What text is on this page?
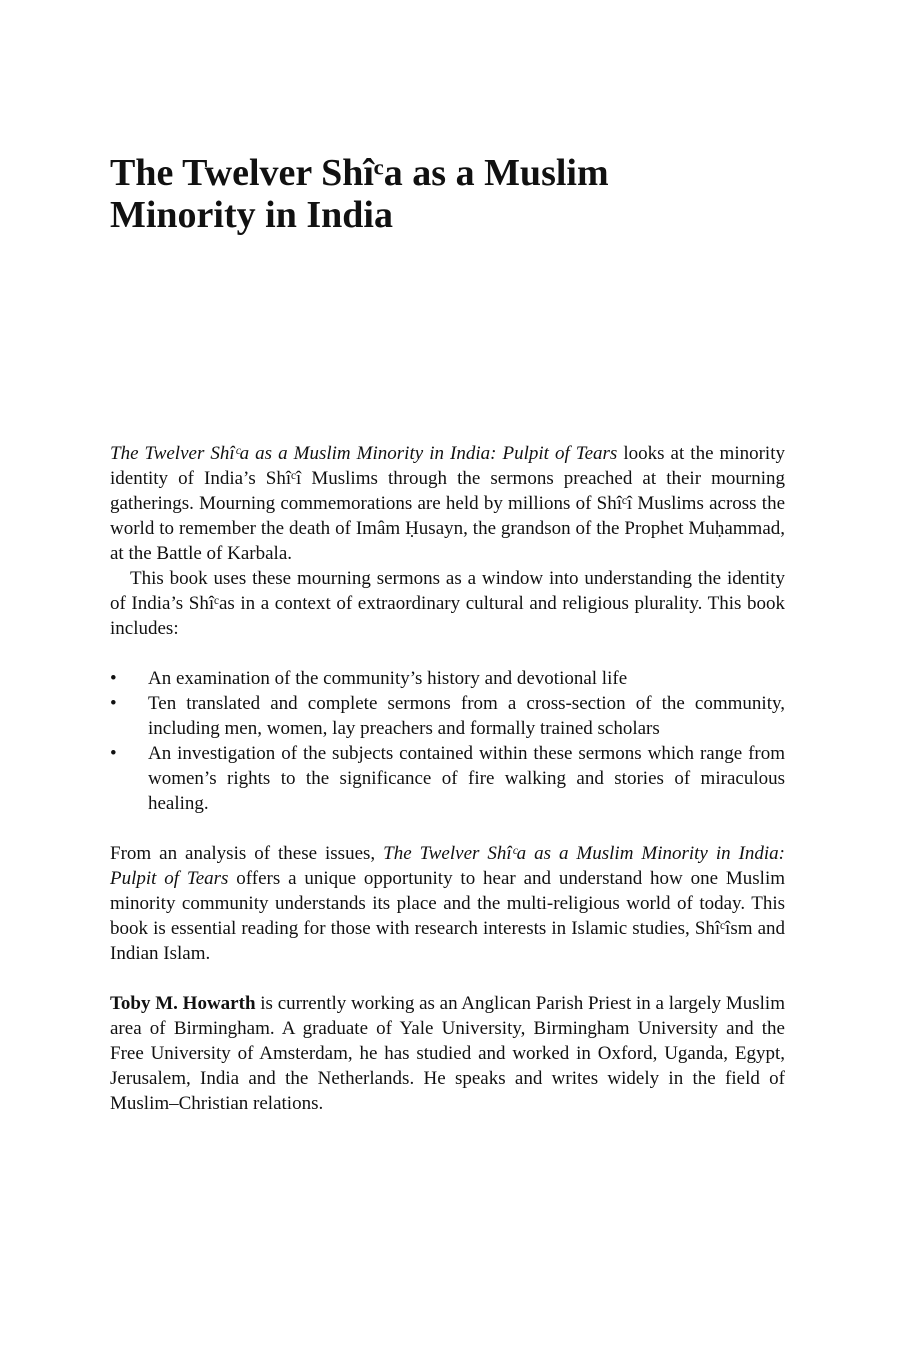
The Twelver Shîᶜa as a Muslim
Minority in India

The Twelver Shîᶜa as a Muslim Minority in India: Pulpit of Tears looks at the minority identity of India’s Shîᶜî Muslims through the sermons preached at their mourning gatherings. Mourning commemorations are held by millions of Shîᶜî Muslims across the world to remember the death of Imâm Ḥusayn, the grandson of the Prophet Muḥammad, at the Battle of Karbala.

This book uses these mourning sermons as a window into understanding the identity of India’s Shîᶜas in a context of extraordinary cultural and religious plurality. This book includes:

• An examination of the community’s history and devotional life
• Ten translated and complete sermons from a cross-section of the community, including men, women, lay preachers and formally trained scholars
• An investigation of the subjects contained within these sermons which range from women’s rights to the significance of fire walking and stories of miraculous healing.

From an analysis of these issues, The Twelver Shîᶜa as a Muslim Minority in India: Pulpit of Tears offers a unique opportunity to hear and understand how one Muslim minority community understands its place and the multi-religious world of today. This book is essential reading for those with research interests in Islamic studies, Shîᶜîsm and Indian Islam.

Toby M. Howarth is currently working as an Anglican Parish Priest in a largely Muslim area of Birmingham. A graduate of Yale University, Birmingham University and the Free University of Amsterdam, he has studied and worked in Oxford, Uganda, Egypt, Jerusalem, India and the Netherlands. He speaks and writes widely in the field of Muslim–Christian relations.
